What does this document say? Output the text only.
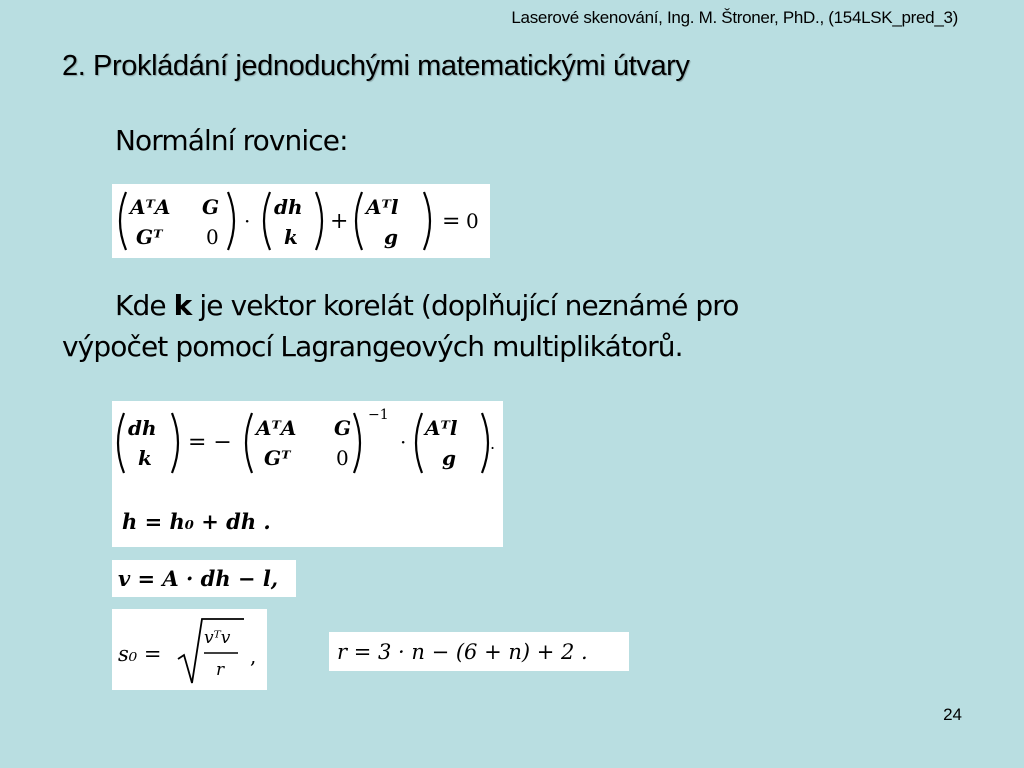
Laserové skenování, Ing. M. Štroner, PhD., (154LSK_pred_3)
2. Prokládání jednoduchými matematickými útvary
Normální rovnice:
AᵀA G
Gᵀ 0
·
dh
k
+
Aᵀl
g
= 0
Kde k je vektor korelát (doplňující neznámé pro
výpočet pomocí Lagrangeových multiplikátorů.
dh
k
= −
AᵀA G
Gᵀ 0
−1
·
Aᵀl
g
.
h = h₀ + dh .
v = A · dh − l,
s₀ =
vᵀv
r
,	r = 3 · n − (6 + n) + 2 .
24
